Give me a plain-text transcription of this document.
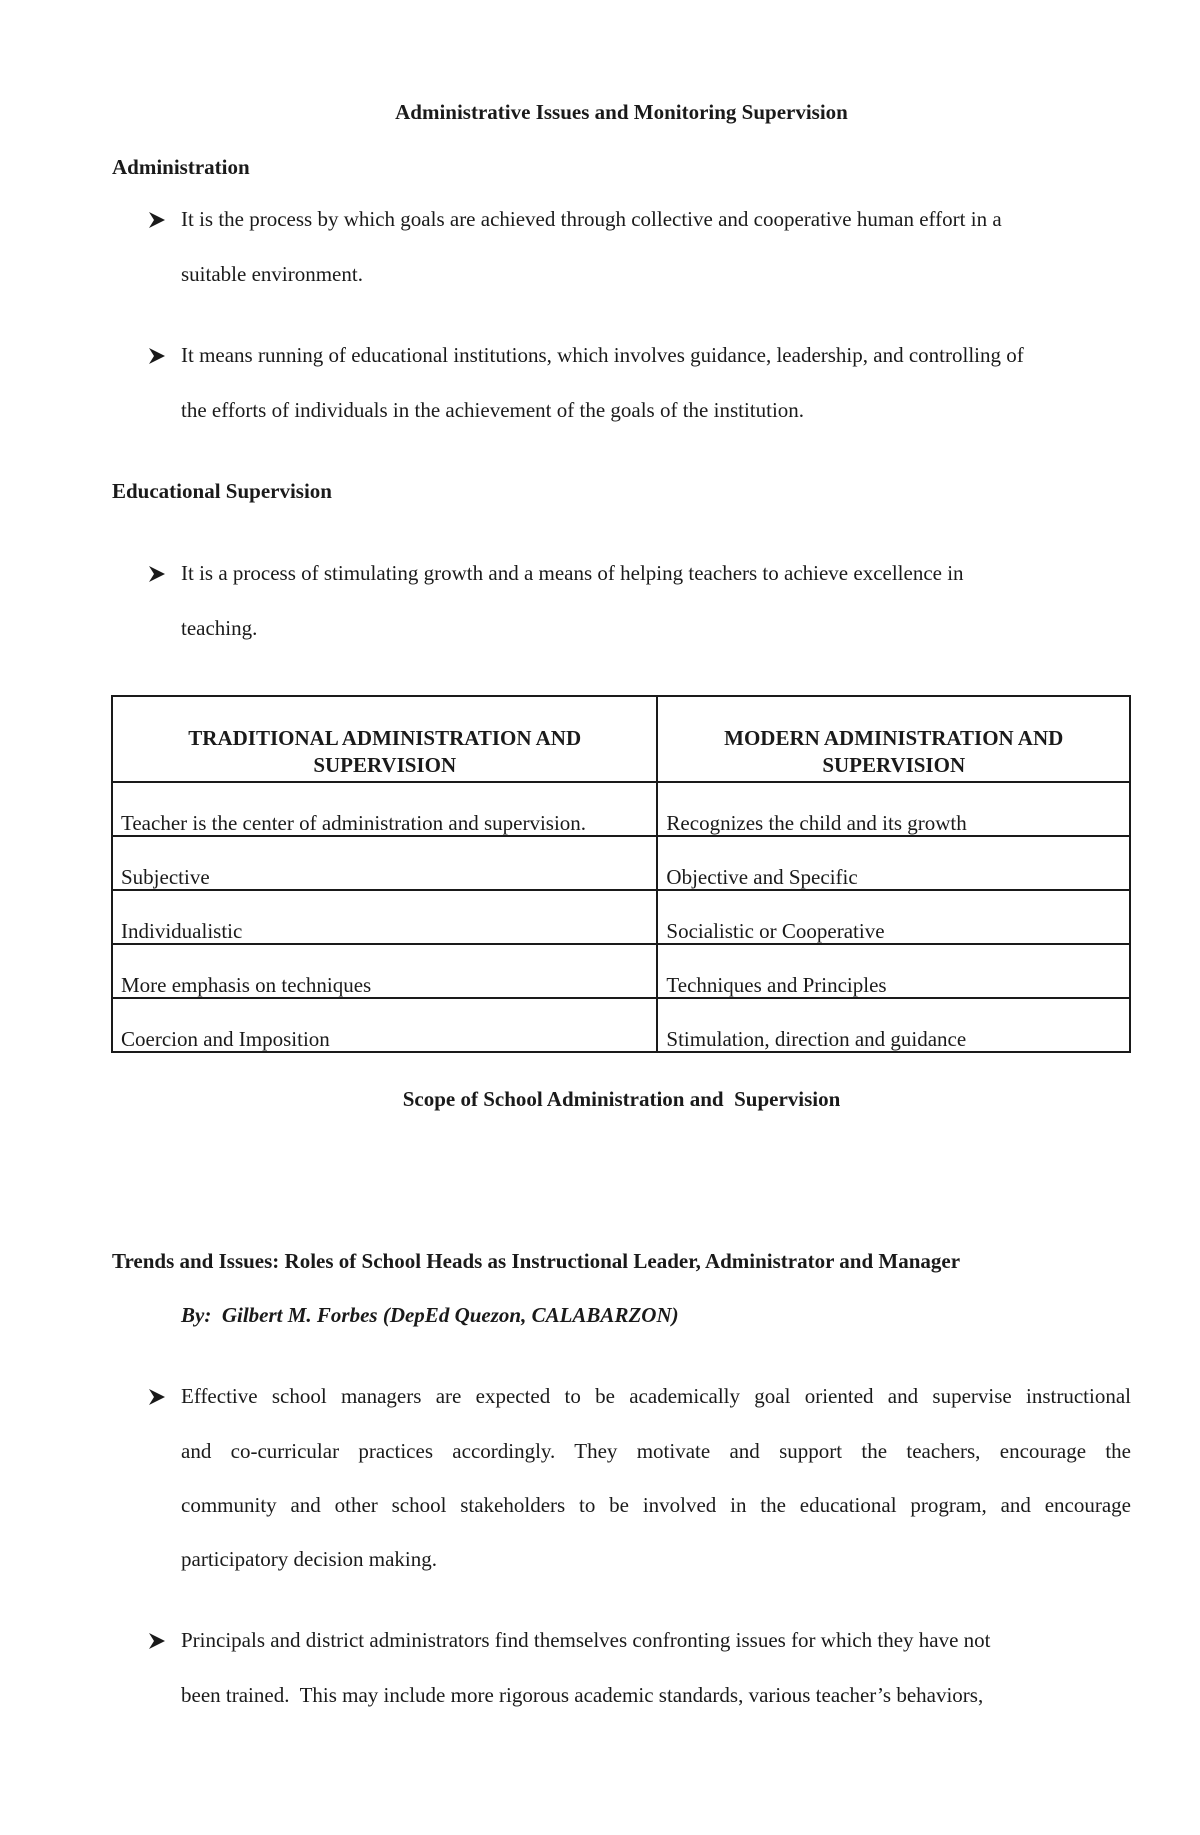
Administrative Issues and Monitoring Supervision
Administration
It is the process by which goals are achieved through collective and cooperative human effort in a
suitable environment.
It means running of educational institutions, which involves guidance, leadership, and controlling of
the efforts of individuals in the achievement of the goals of the institution.
Educational Supervision
It is a process of stimulating growth and a means of helping teachers to achieve excellence in
teaching.
TRADITIONAL ADMINISTRATION AND SUPERVISION	MODERN ADMINISTRATION AND SUPERVISION
Teacher is the center of administration and supervision.	Recognizes the child and its growth
Subjective	Objective and Specific
Individualistic	Socialistic or Cooperative
More emphasis on techniques	Techniques and Principles
Coercion and Imposition	Stimulation, direction and guidance
Scope of School Administration and  Supervision
Trends and Issues: Roles of School Heads as Instructional Leader, Administrator and Manager
By:  Gilbert M. Forbes (DepEd Quezon, CALABARZON)
Effective school managers are expected to be academically goal oriented and supervise instructional
and co-curricular practices accordingly. They motivate and support the teachers, encourage the
community and other school stakeholders to be involved in the educational program, and encourage
participatory decision making.
Principals and district administrators find themselves confronting issues for which they have not
been trained.  This may include more rigorous academic standards, various teacher’s behaviors,
